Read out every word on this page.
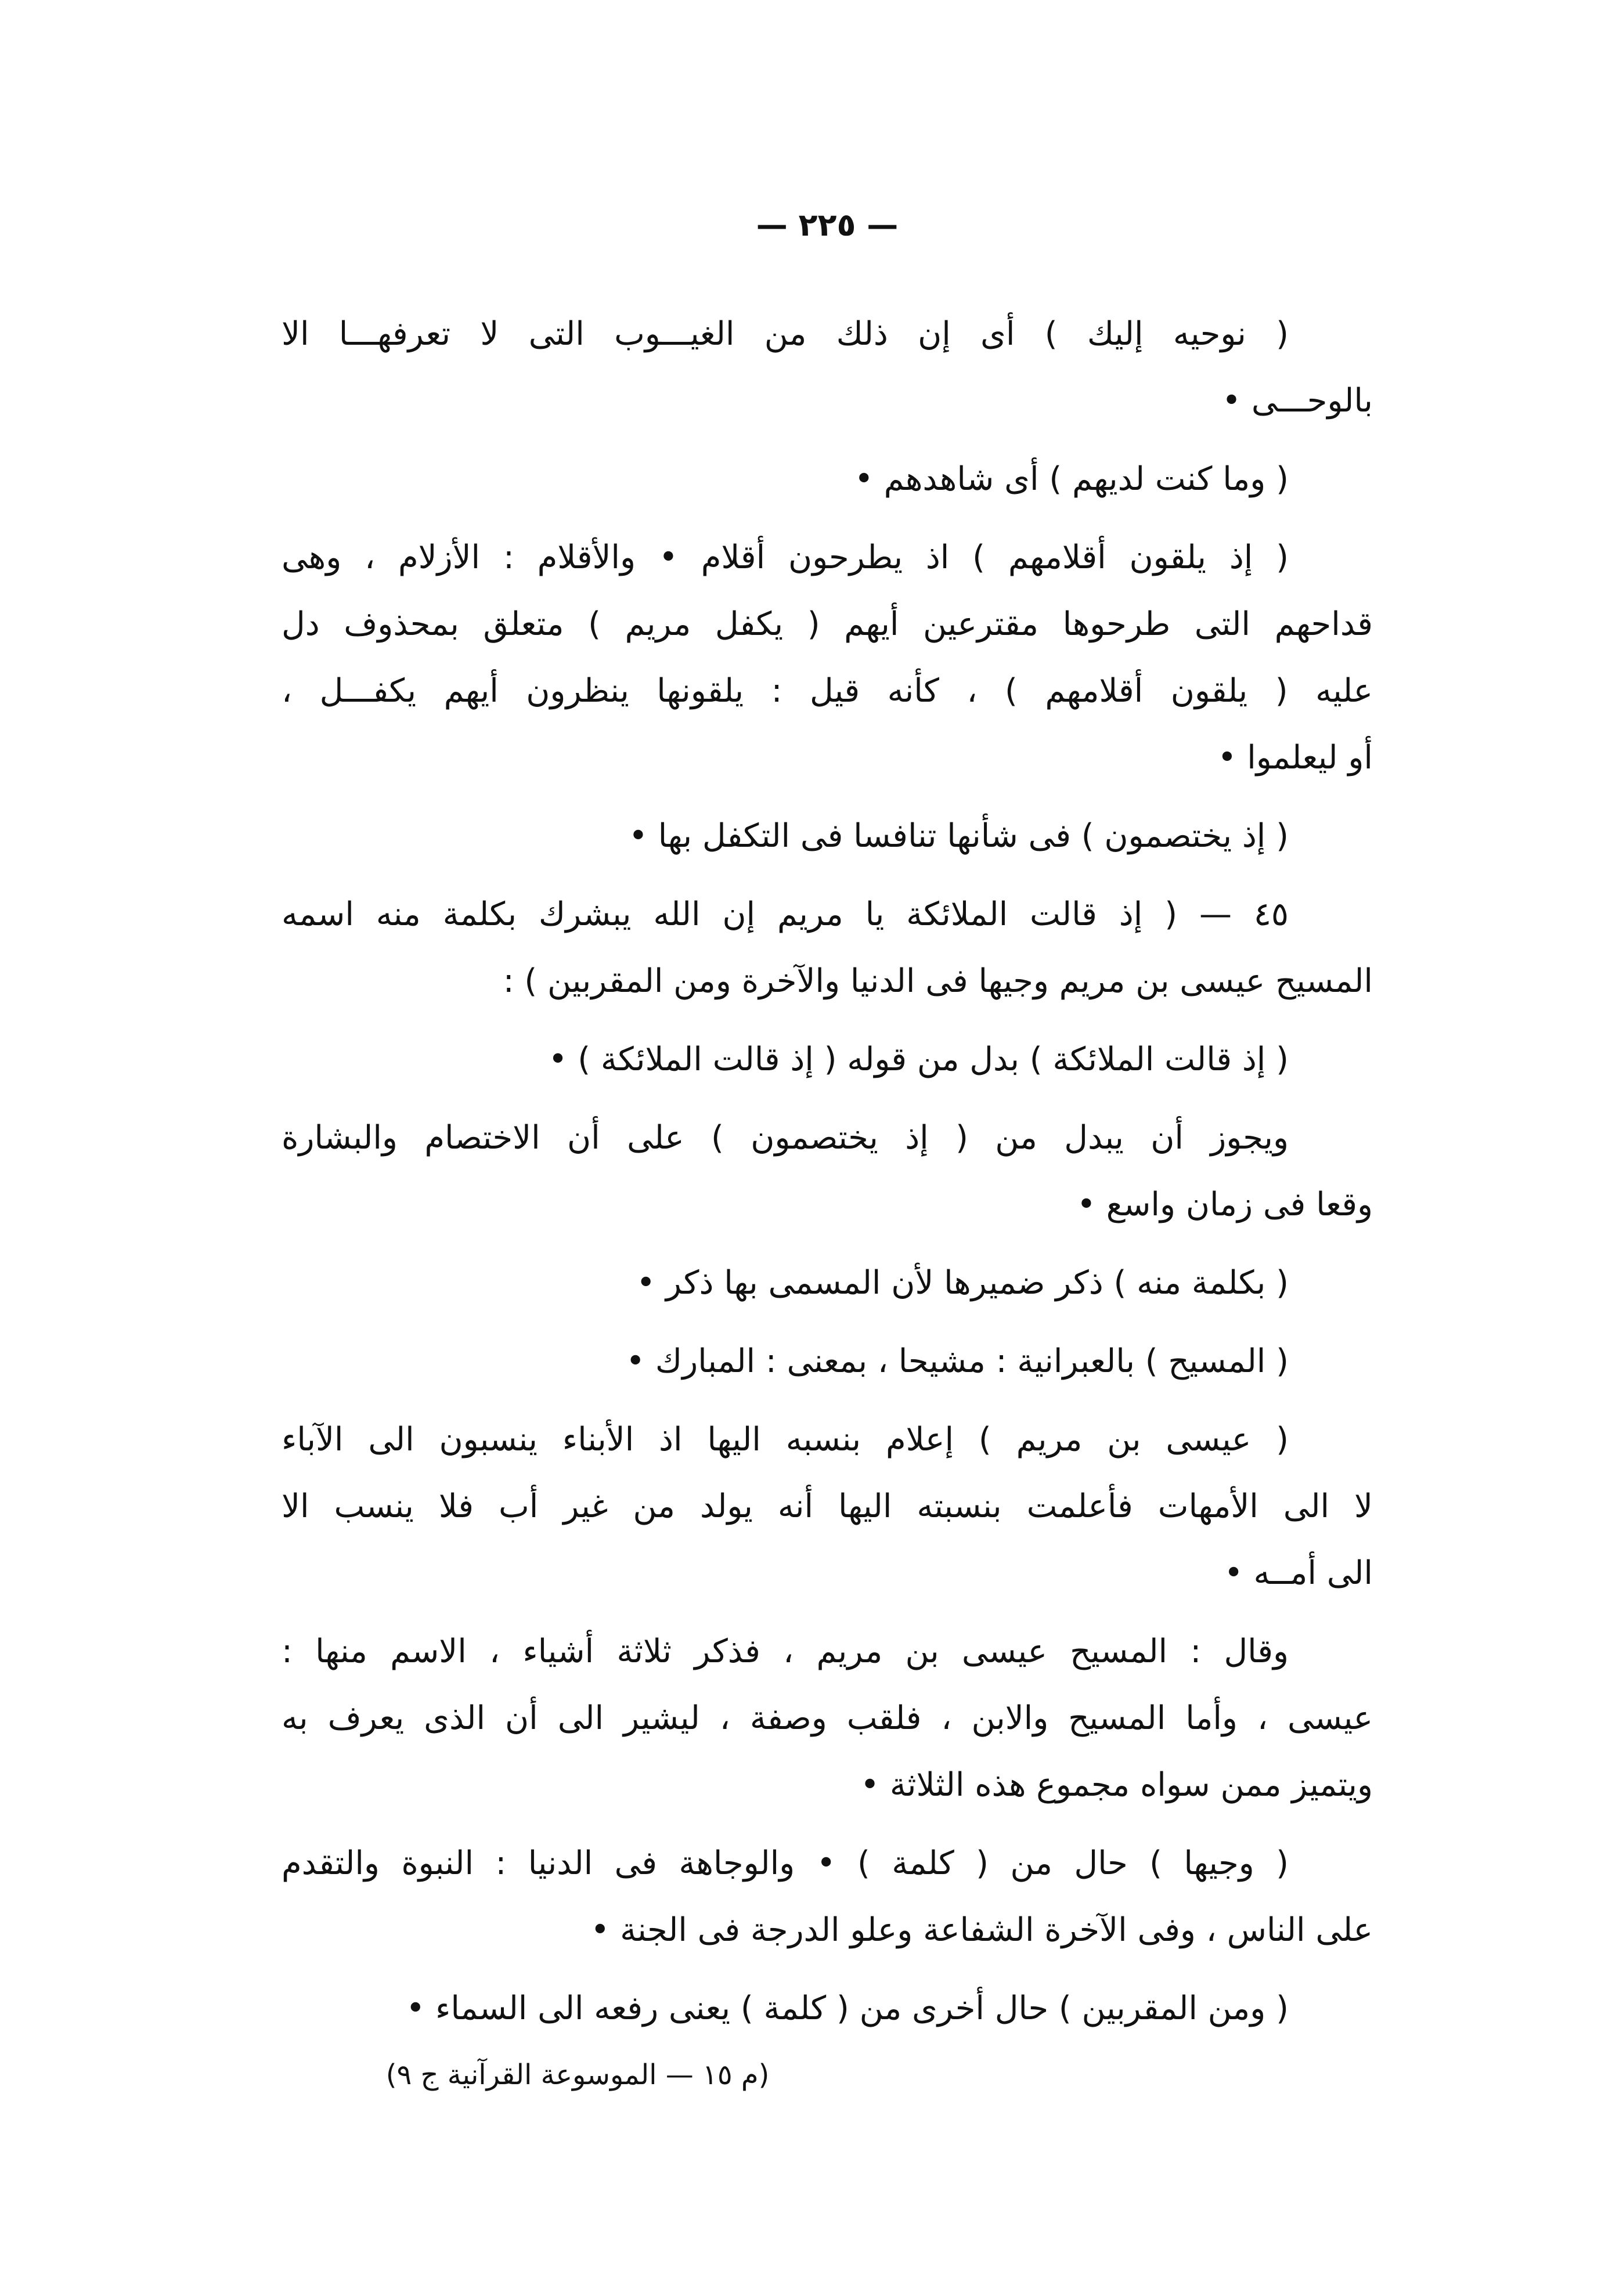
— ٢٢٥ —
( نوحيه إليك ) أى إن ذلك من الغيـــوب التى لا تعرفهـــا الا
بالوحـــى •
( وما كنت لديهم ) أى شاهدهم •
( إذ يلقون أقلامهم ) اذ يطرحون أقلام • والأقلام : الأزلام ، وهى
قداحهم التى طرحوها مقترعين أيهم ( يكفل مريم ) متعلق بمحذوف دل
عليه ( يلقون أقلامهم ) ، كأنه قيل : يلقونها ينظرون أيهم يكفـــل ،
أو ليعلموا •
( إذ يختصمون ) فى شأنها تنافسا فى التكفل بها •
٤٥ — ( إذ قالت الملائكة يا مريم إن الله يبشرك بكلمة منه اسمه
المسيح عيسى بن مريم وجيها فى الدنيا والآخرة ومن المقربين ) :
( إذ قالت الملائكة ) بدل من قوله ( إذ قالت الملائكة ) •
ويجوز أن يبدل من ( إذ يختصمون ) على أن الاختصام والبشارة
وقعا فى زمان واسع •
( بكلمة منه ) ذكر ضميرها لأن المسمى بها ذكر •
( المسيح ) بالعبرانية : مشيحا ، بمعنى : المبارك •
( عيسى بن مريم ) إعلام بنسبه اليها اذ الأبناء ينسبون الى الآباء
لا الى الأمهات فأعلمت بنسبته اليها أنه يولد من غير أب فلا ينسب الا
الى أمــه •
وقال : المسيح عيسى بن مريم ، فذكر ثلاثة أشياء ، الاسم منها :
عيسى ، وأما المسيح والابن ، فلقب وصفة ، ليشير الى أن الذى يعرف به
ويتميز ممن سواه مجموع هذه الثلاثة •
( وجيها ) حال من ( كلمة ) • والوجاهة فى الدنيا : النبوة والتقدم
على الناس ، وفى الآخرة الشفاعة وعلو الدرجة فى الجنة •
( ومن المقربين ) حال أخرى من ( كلمة ) يعنى رفعه الى السماء •
(م ١٥ — الموسوعة القرآنية ج ٩)
